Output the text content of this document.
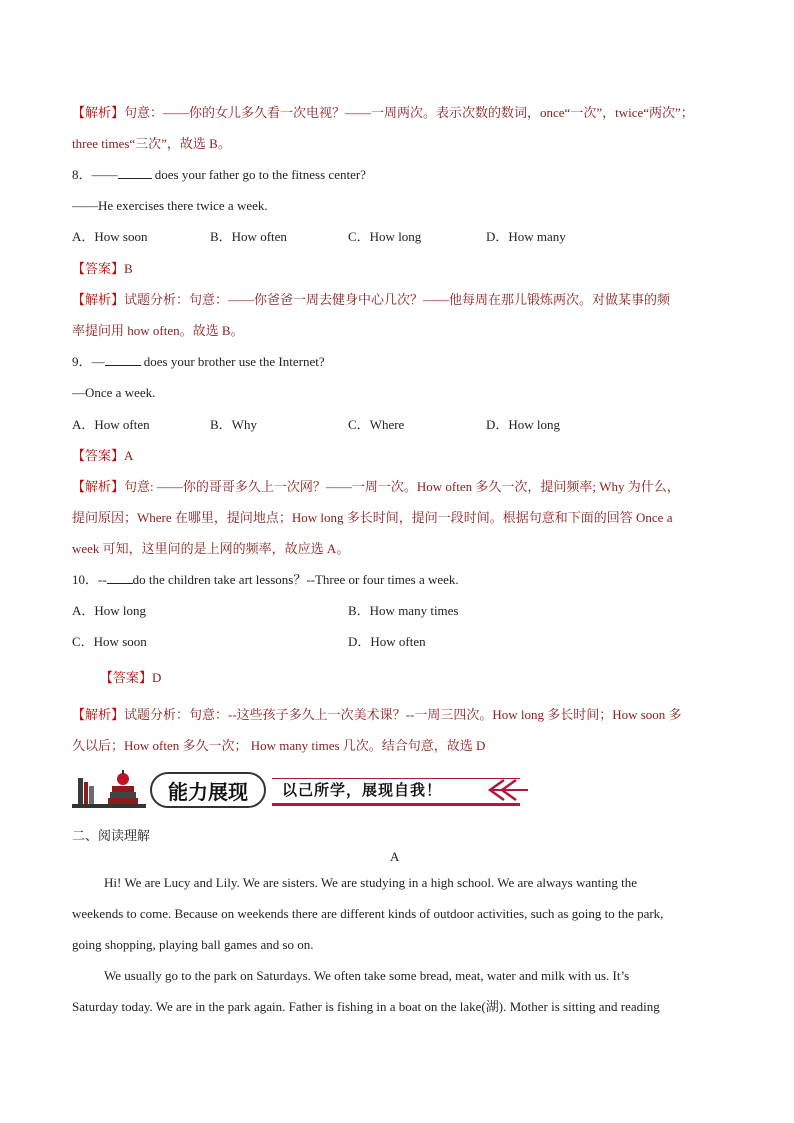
【解析】句意：——你的女儿多久看一次电视？——一周两次。表示次数的数词，once“一次”，twice“两次”；
three times“三次”，故选 B。
8．——	does your father go to the fitness center?
——He exercises there twice a week.
A．How soon	B．How often	C．How long	D．How many
【答案】B
【解析】试题分析：句意：——你爸爸一周去健身中心几次？——他每周在那儿锻炼两次。对做某事的频
率提问用 how often。故选 B。
9．—	does your brother use the Internet?
—Once a week.
A．How often	B．Why	C．Where	D．How long
【答案】A
【解析】句意: ——你的哥哥多久上一次网？——一周一次。How often 多久一次，提问频率; Why 为什么，
提问原因；Where 在哪里，提问地点；How long 多长时间，提问一段时间。根据句意和下面的回答 Once a
week 可知，这里问的是上网的频率，故应选 A。
10．-- do the children take art lessons？--Three or four times a week.
A．How long	B．How many times
C．How soon	D．How often
【答案】D
【解析】试题分析：句意：--这些孩子多久上一次美术课？--一周三四次。How long 多长时间；How soon 多
久以后；How often 多久一次； How many times 几次。结合句意，故选 D
能力展现	以己所学，展现自我！
二、阅读理解
A
Hi! We are Lucy and Lily. We are sisters. We are studying in a high school. We are always wanting the
weekends to come. Because on weekends there are different kinds of outdoor activities, such as going to the park,
going shopping, playing ball games and so on.
We usually go to the park on Saturdays. We often take some bread, meat, water and milk with us. It’s
Saturday today. We are in the park again. Father is fishing in a boat on the lake(湖). Mother is sitting and reading
